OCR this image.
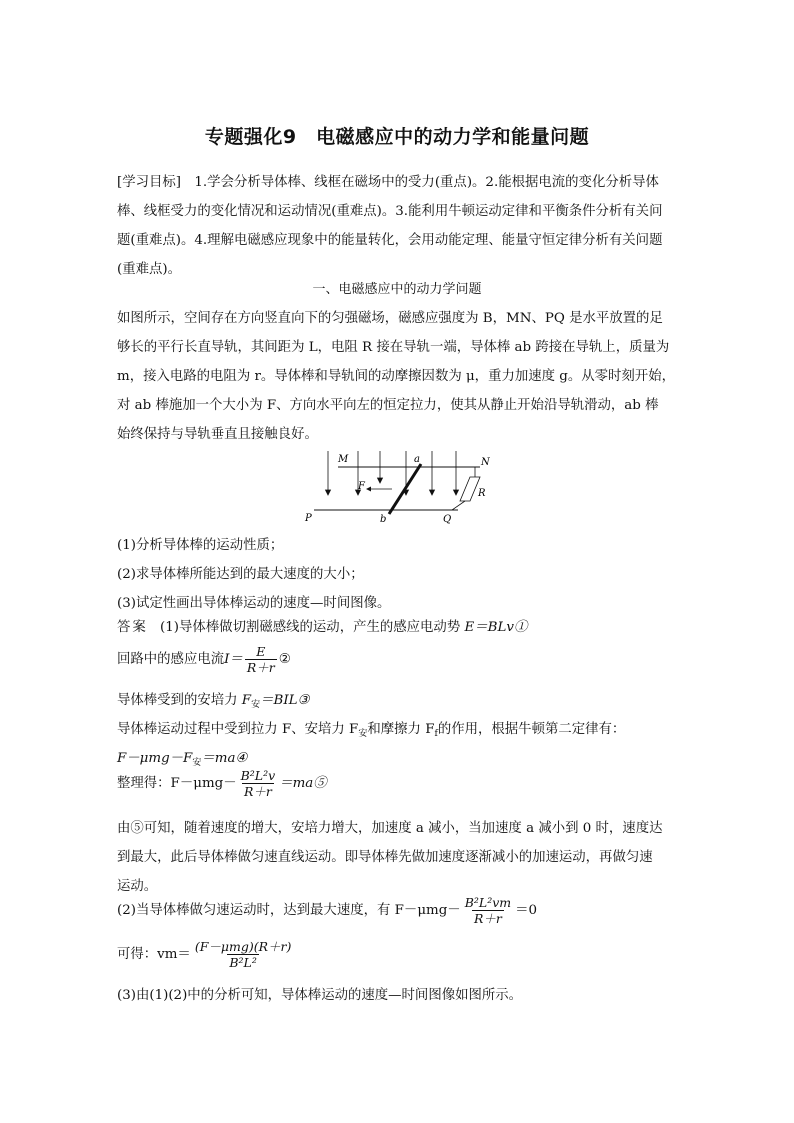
专题强化9　电磁感应中的动力学和能量问题
[学习目标]　1.学会分析导体棒、线框在磁场中的受力(重点)。2.能根据电流的变化分析导体
棒、线框受力的变化情况和运动情况(重难点)。3.能利用牛顿运动定律和平衡条件分析有关问
题(重难点)。4.理解电磁感应现象中的能量转化，会用动能定理、能量守恒定律分析有关问题
(重难点)。
一、电磁感应中的动力学问题
如图所示，空间存在方向竖直向下的匀强磁场，磁感应强度为 B，MN、PQ 是水平放置的足
够长的平行长直导轨，其间距为 L，电阻 R 接在导轨一端，导体棒 ab 跨接在导轨上，质量为
m，接入电路的电阻为 r。导体棒和导轨间的动摩擦因数为 μ，重力加速度 g。从零时刻开始，
对 ab 棒施加一个大小为 F、方向水平向左的恒定拉力，使其从静止开始沿导轨滑动，ab 棒
始终保持与导轨垂直且接触良好。
M	N
P	Q
a
b
F
R
(1)分析导体棒的运动性质；
(2)求导体棒所能达到的最大速度的大小；
(3)试定性画出导体棒运动的速度—时间图像。
答案 (1)导体棒做切割磁感线的运动，产生的感应电动势 E＝BLv①
回路中的感应电流$I= \frac{E}{R+r}$ ②
导体棒受到的安培力 $F_安=BIL③$
导体棒运动过程中受到拉力 F、安培力 $F_安$和摩擦力 $F_f$的作用，根据牛顿第二定律有：
$F-\mu mg-F_安=ma④$
整理得：$F-\mu mg- \frac{\text{B²L²v}}{R+r}$ ＝ma⑤
由⑤可知，随着速度的增大，安培力增大，加速度 a 减小，当加速度 a 减小到 0 时，速度达
到最大，此后导体棒做匀速直线运动。即导体棒先做加速度逐渐减小的加速运动，再做匀速
运动。
(2)当导体棒做匀速运动时，达到最大速度，有 $F-\mu mg- \frac{\text{B²L²vm}}{R+r} =0$
可得：$vm= \frac{\text{(F－μmg)(R＋r)}}{\text{B²L²}}$
(3)由(1)(2)中的分析可知，导体棒运动的速度—时间图像如图所示。
